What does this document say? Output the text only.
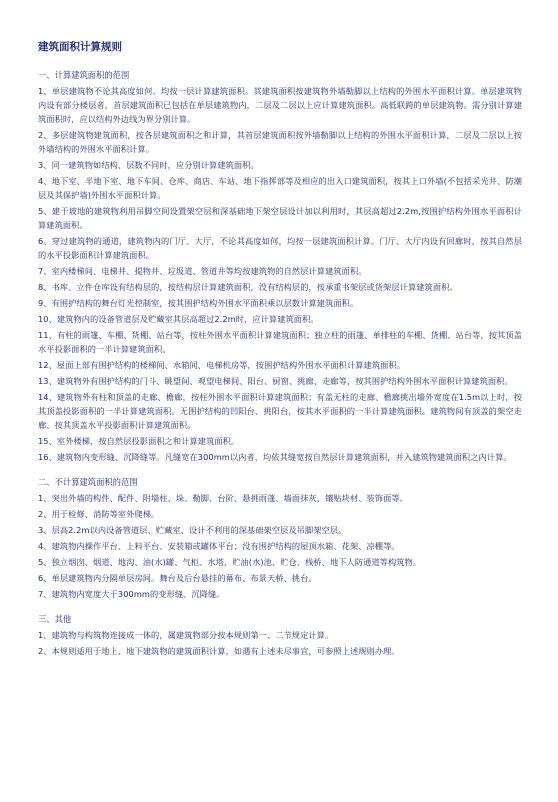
建筑面积计算规则
一、计算建筑面积的范围
1、单层建筑物不论其高度如何。均按一层计算建筑面积。其建筑面积按建筑物外墙勒脚以上结构的外围水平面积计算。单层建筑物内设有部分楼层者，首层建筑面积已包括在单层建筑物内，二层及二层以上应计算建筑面积。高低联跨的单层建筑物。需分别计算建筑面积时，应以结构外边线为界分别计算。
2、多层建筑物建筑面积，按各层建筑面积之和计算，其首层建筑面积按外墙勒脚以上结构的外围水平面积计算，二层及二层以上按外墙结构的外围水平面积计算。
3、同一建筑物如结构、层数不同时，应分别计算建筑面积。
4、地下室、半地下室、地下车间、仓库、商店、车站、地下指挥部等及相应的出入口建筑面积，按其上口外墙(不包括采光井、防潮层及其保护墙)外围水平面积计算。
5、建于坡地的建筑物利用吊脚空间设置架空层和深基础地下架空层设计加以利用时，其层高超过2.2m,按围护结构外围水平面积计算建筑面积。
6、穿过建筑物的通道，建筑物内的门厅、大厅，不论其高度如何，均按一层建筑面积计算。门厅、大厅内设有回廊时，按其自然层的水平投影面积计算建筑面积。
7、室内楼梯间、电梯井、提物井、垃圾道、管道井等均按建筑物的自然层计算建筑面积。
8、书库、立件仓库设有结构层的，按结构层计算建筑面积，没有结构层的，按承重书架层或货架层计算建筑面积。
9、有围护结构的舞台灯光控制室，按其围护结构外围水平面积乘以层数计算建筑面积。
10、建筑物内的设备管道层及贮藏室其层高超过2.2m时，应计算建筑面积。
11、有柱的雨篷、车棚、货棚、站台等，按柱外围水平面积计算建筑面积；独立柱的雨篷、单排柱的车棚、货棚、站台等，按其顶盖水平投影面积的一半计算建筑面积。
12、屋面上部有围护结构的楼梯间、水箱间、电梯机房等，按围护结构外围水平面积计算建筑面积。
13、建筑物外有围护结构的门斗、眺望间、观望电梯间、阳台、厨窗、挑廊、走廊等，按其围护结构外围水平面积计算建筑面积。
14、建筑物外有柱和顶盖的走廊、檐廊，按柱外围水平面积计算建筑面积；有盖无柱的走廊、檐廊挑出墙外宽度在1.5m以上时，按其顶盖投影面积的一半计算建筑面积。无围护结构的凹阳台、挑阳台，按其水平面积的一半计算建筑面积。建筑物间有顶盖的架空走廊、按其顶盖水平投影面积计算建筑面积。
15、室外楼梯，按自然层投影面积之和计算建筑面积。
16、建筑物内变形缝、沉降缝等。凡缝宽在300mm以内者，均依其缝宽按自然层计算建筑面积，并入建筑物建筑面积之内计算。
二、不计算建筑面积的范围
1、突出外墙的构件、配件、附墙柱、垛、勒脚、台阶、悬挑雨蓬、墙面抹灰、镶贴块材、装饰面等。
2、用于检修、消防等室外爬梯。
3、层高2.2m以内设备管道层、贮藏室、设计不利用的深基础架空层及吊脚架空层。
4、建筑物内操作平台、上料平台、安装箱或罐体平台；没有围护结构的屋顶水箱、花架、凉棚等。
5、独立烟囱、烟道、地沟、油(水)罐、气柜、水塔、贮油(水)池、贮仓、栈桥、地下人防通道等构筑物。
6、单层建筑物内分隔单层房间。舞台及后台悬挂的幕布、布景天桥、挑台。
7、建筑物内宽度大于300mm的变形缝、沉降缝。
三、其他
1、建筑物与构筑物连接成一体的，属建筑物部分按本规则第一、二节规定计算。
2、本规则适用于地上、地下建筑物的建筑面积计算，如遇有上述未尽事宜，可参照上述规则办理。
